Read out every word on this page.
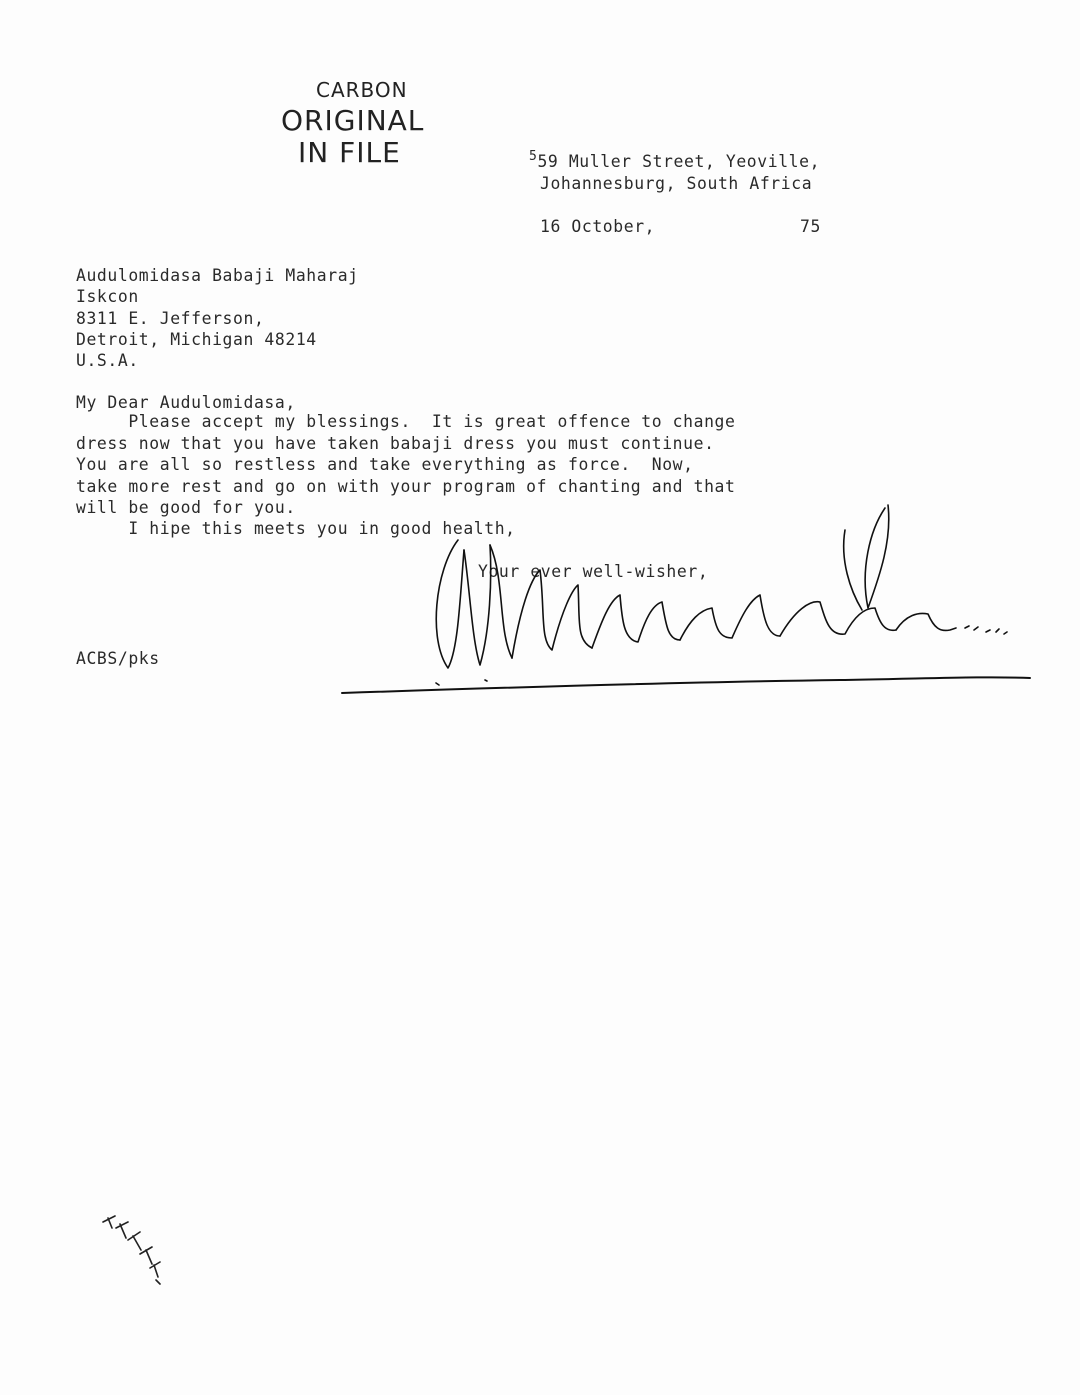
CARBON
ORIGINAL
IN FILE	$^5$59 Muller Street, Yeoville,
Johannesburg, South Africa
16 October,	75
Audulomidasa Babaji Maharaj
Iskcon
8311 E. Jefferson,
Detroit, Michigan 48214
U.S.A.
My Dear Audulomidasa,
Please accept my blessings.  It is great offence to change
dress now that you have taken babaji dress you must continue.
You are all so restless and take everything as force.  Now,
take more rest and go on with your program of chanting and that
will be good for you.
I hipe this meets you in good health,
Your ever well-wisher,
ACBS/pks
